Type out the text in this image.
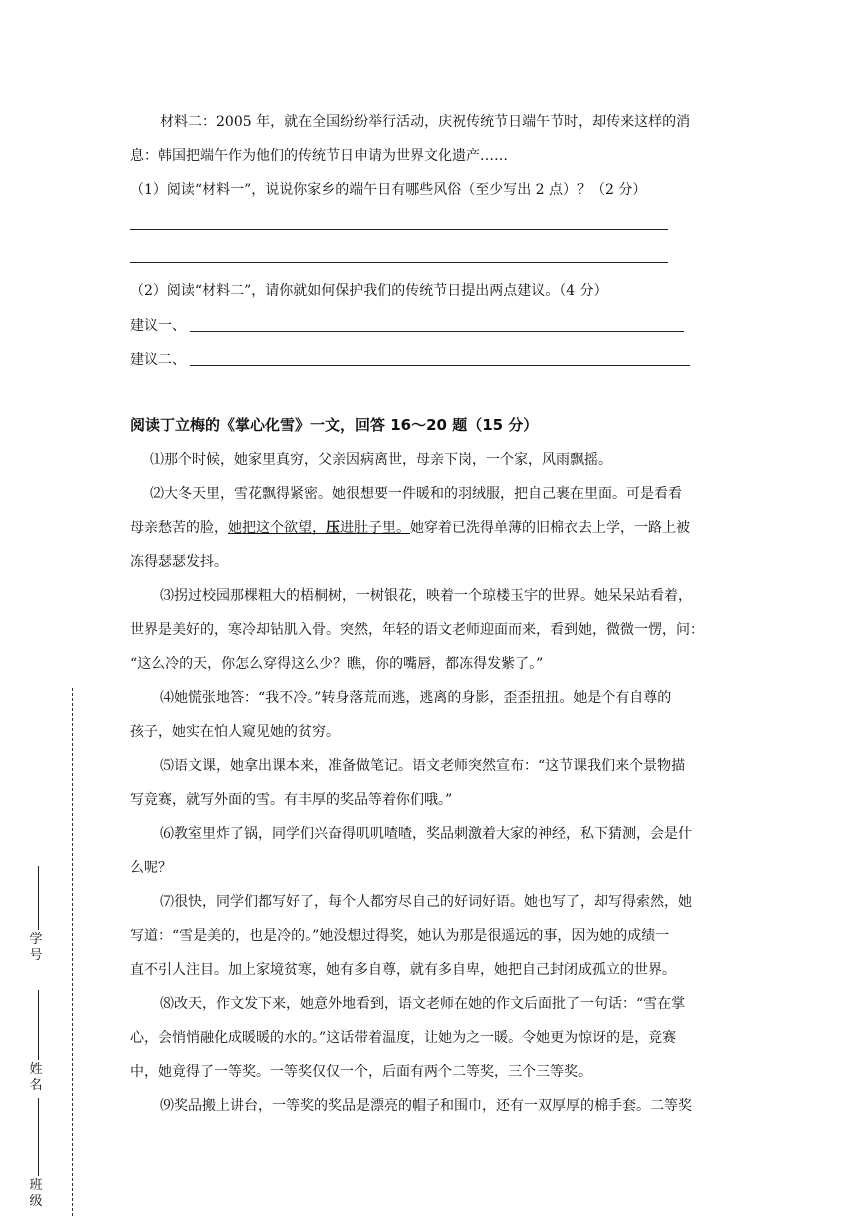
材料二：2005 年，就在全国纷纷举行活动，庆祝传统节日端午节时，却传来这样的消
息：韩国把端午作为他们的传统节日申请为世界文化遗产……
（1）阅读“材料一”，说说你家乡的端午日有哪些风俗（至少写出 2 点）？（2 分）
（2）阅读“材料二”，请你就如何保护我们的传统节日提出两点建议。（4 分）
建议一、
建议二、
阅读丁立梅的《掌心化雪》一文，回答 16～20 题（15 分）
⑴那个时候，她家里真穷，父亲因病离世，母亲下岗，一个家，风雨飘摇。
⑵大冬天里，雪花飘得紧密。她很想要一件暖和的羽绒服，把自己裹在里面。可是看看
母亲愁苦的脸，她把这个欲望，压进肚子里。她穿着已洗得单薄的旧棉衣去上学，一路上被
冻得瑟瑟发抖。
⑶拐过校园那棵粗大的梧桐树，一树银花，映着一个琼楼玉宇的世界。她呆呆站看着，
世界是美好的，寒冷却钻肌入骨。突然，年轻的语文老师迎面而来，看到她，微微一愣，问：
“这么冷的天，你怎么穿得这么少？瞧，你的嘴唇，都冻得发紫了。”
⑷她慌张地答：“我不冷。”转身落荒而逃，逃离的身影，歪歪扭扭。她是个有自尊的
孩子，她实在怕人窥见她的贫穷。
⑸语文课，她拿出课本来，准备做笔记。语文老师突然宣布：“这节课我们来个景物描
写竞赛，就写外面的雪。有丰厚的奖品等着你们哦。”
⑹教室里炸了锅，同学们兴奋得叽叽喳喳，奖品刺激着大家的神经，私下猜测，会是什
么呢？
⑺很快，同学们都写好了，每个人都穷尽自己的好词好语。她也写了，却写得索然，她
写道：“雪是美的，也是冷的。”她没想过得奖，她认为那是很遥远的事，因为她的成绩一
直不引人注目。加上家境贫寒，她有多自尊，就有多自卑，她把自己封闭成孤立的世界。
⑻改天，作文发下来，她意外地看到，语文老师在她的作文后面批了一句话：“雪在掌
心，会悄悄融化成暖暖的水的。”这话带着温度，让她为之一暖。令她更为惊讶的是，竞赛
中，她竟得了一等奖。一等奖仅仅一个，后面有两个二等奖，三个三等奖。
⑼奖品搬上讲台，一等奖的奖品是漂亮的帽子和围巾，还有一双厚厚的棉手套。二等奖
学
号
姓
名
班
级
